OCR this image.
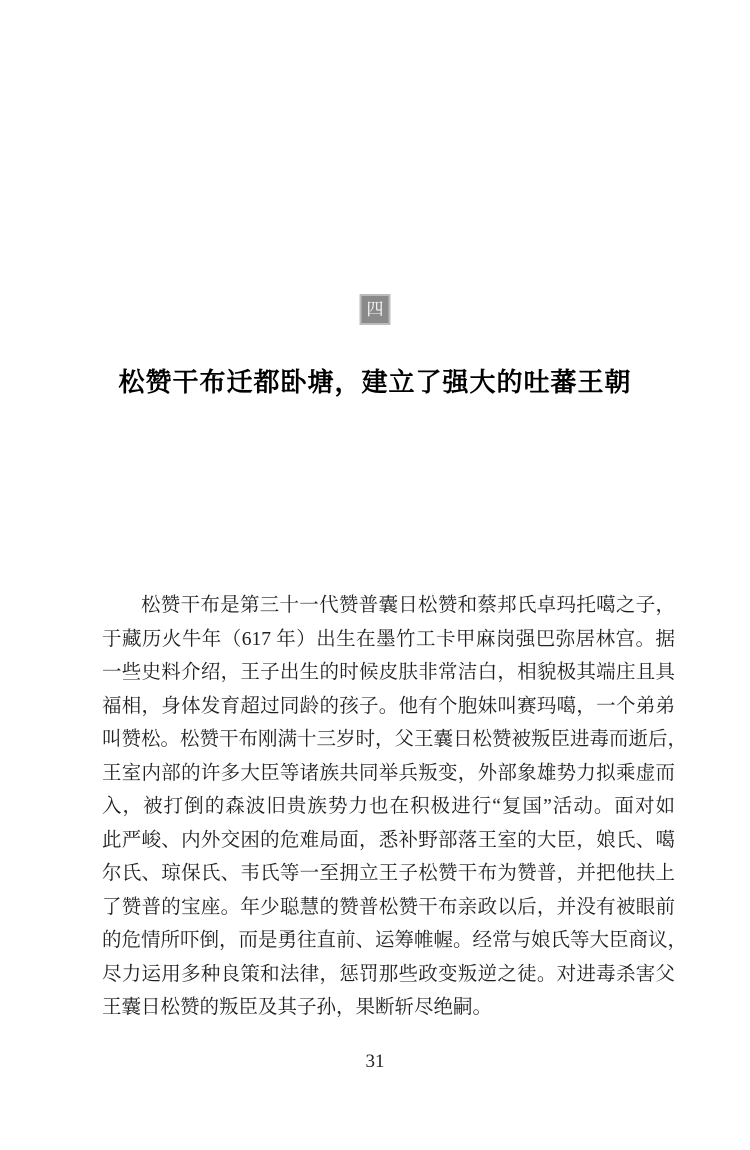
四
松赞干布迁都卧塘，建立了强大的吐蕃王朝
松赞干布是第三十一代赞普囊日松赞和蔡邦氏卓玛托噶之子，
于藏历火牛年（617 年）出生在墨竹工卡甲麻岗强巴弥居林宫。据
一些史料介绍，王子出生的时候皮肤非常洁白，相貌极其端庄且具
福相，身体发育超过同龄的孩子。他有个胞妹叫赛玛噶，一个弟弟
叫赞松。松赞干布刚满十三岁时，父王囊日松赞被叛臣进毒而逝后，
王室内部的许多大臣等诸族共同举兵叛变，外部象雄势力拟乘虚而
入，被打倒的森波旧贵族势力也在积极进行“复国”活动。面对如
此严峻、内外交困的危难局面，悉补野部落王室的大臣，娘氏、噶
尔氏、琼保氏、韦氏等一至拥立王子松赞干布为赞普，并把他扶上
了赞普的宝座。年少聪慧的赞普松赞干布亲政以后，并没有被眼前
的危情所吓倒，而是勇往直前、运筹帷幄。经常与娘氏等大臣商议，
尽力运用多种良策和法律，惩罚那些政变叛逆之徒。对进毒杀害父
王囊日松赞的叛臣及其子孙，果断斩尽绝嗣。
31
